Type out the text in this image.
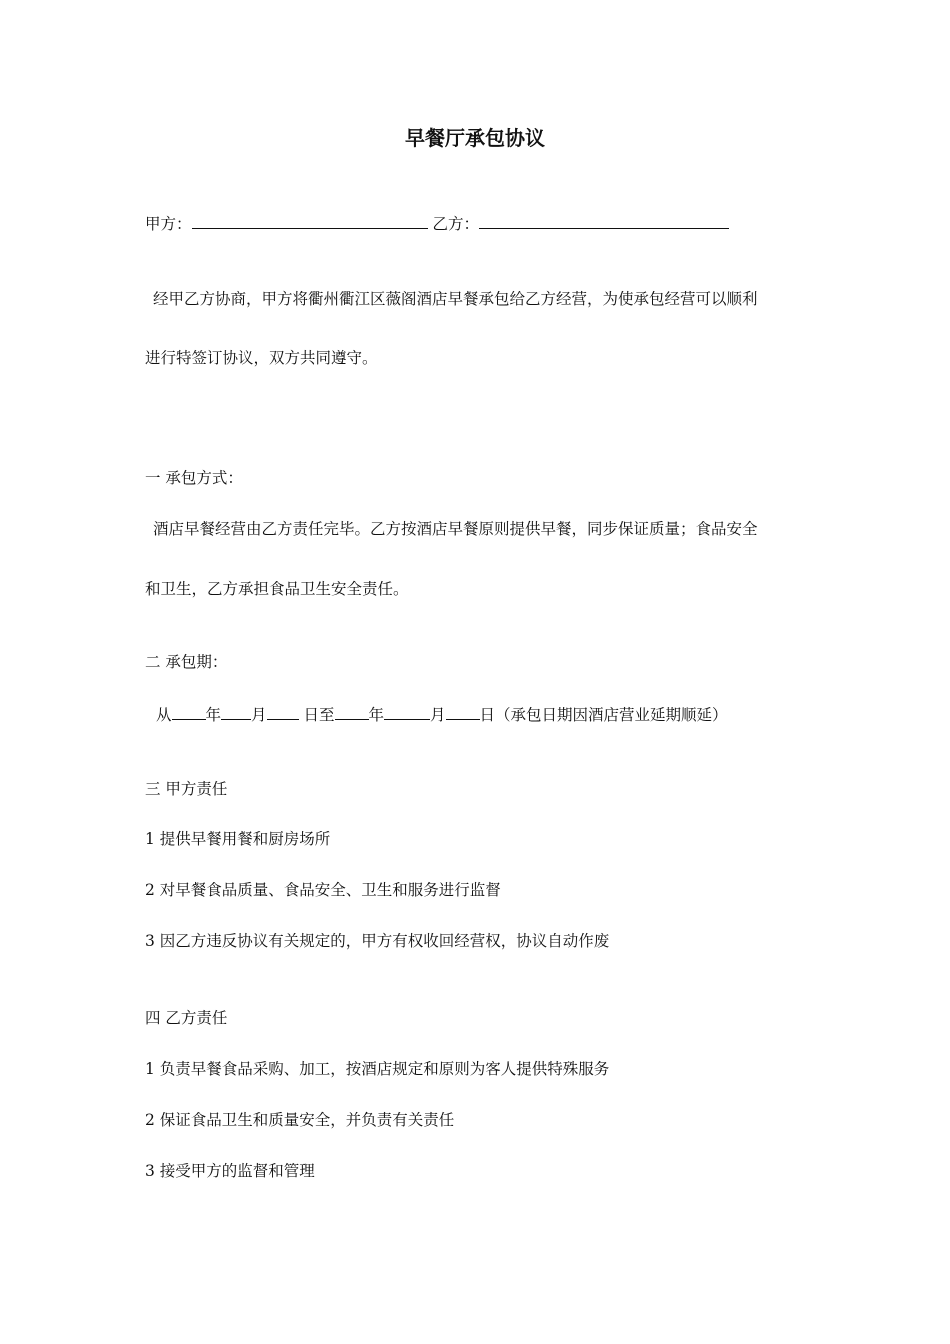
早餐厅承包协议
甲方：	乙方：
经甲乙方协商，甲方将衢州衢江区薇阁酒店早餐承包给乙方经营，为使承包经营可以顺利
进行特签订协议，双方共同遵守。
一 承包方式：
酒店早餐经营由乙方责任完毕。乙方按酒店早餐原则提供早餐，同步保证质量；食品安全
和卫生，乙方承担食品卫生安全责任。
二 承包期：
从 年 月 日至 年	月 日（承包日期因酒店营业延期顺延）
三 甲方责任
1 提供早餐用餐和厨房场所
2 对早餐食品质量、食品安全、卫生和服务进行监督
3 因乙方违反协议有关规定的，甲方有权收回经营权，协议自动作废
四 乙方责任
1 负责早餐食品采购、加工，按酒店规定和原则为客人提供特殊服务
2 保证食品卫生和质量安全，并负责有关责任
3 接受甲方的监督和管理
